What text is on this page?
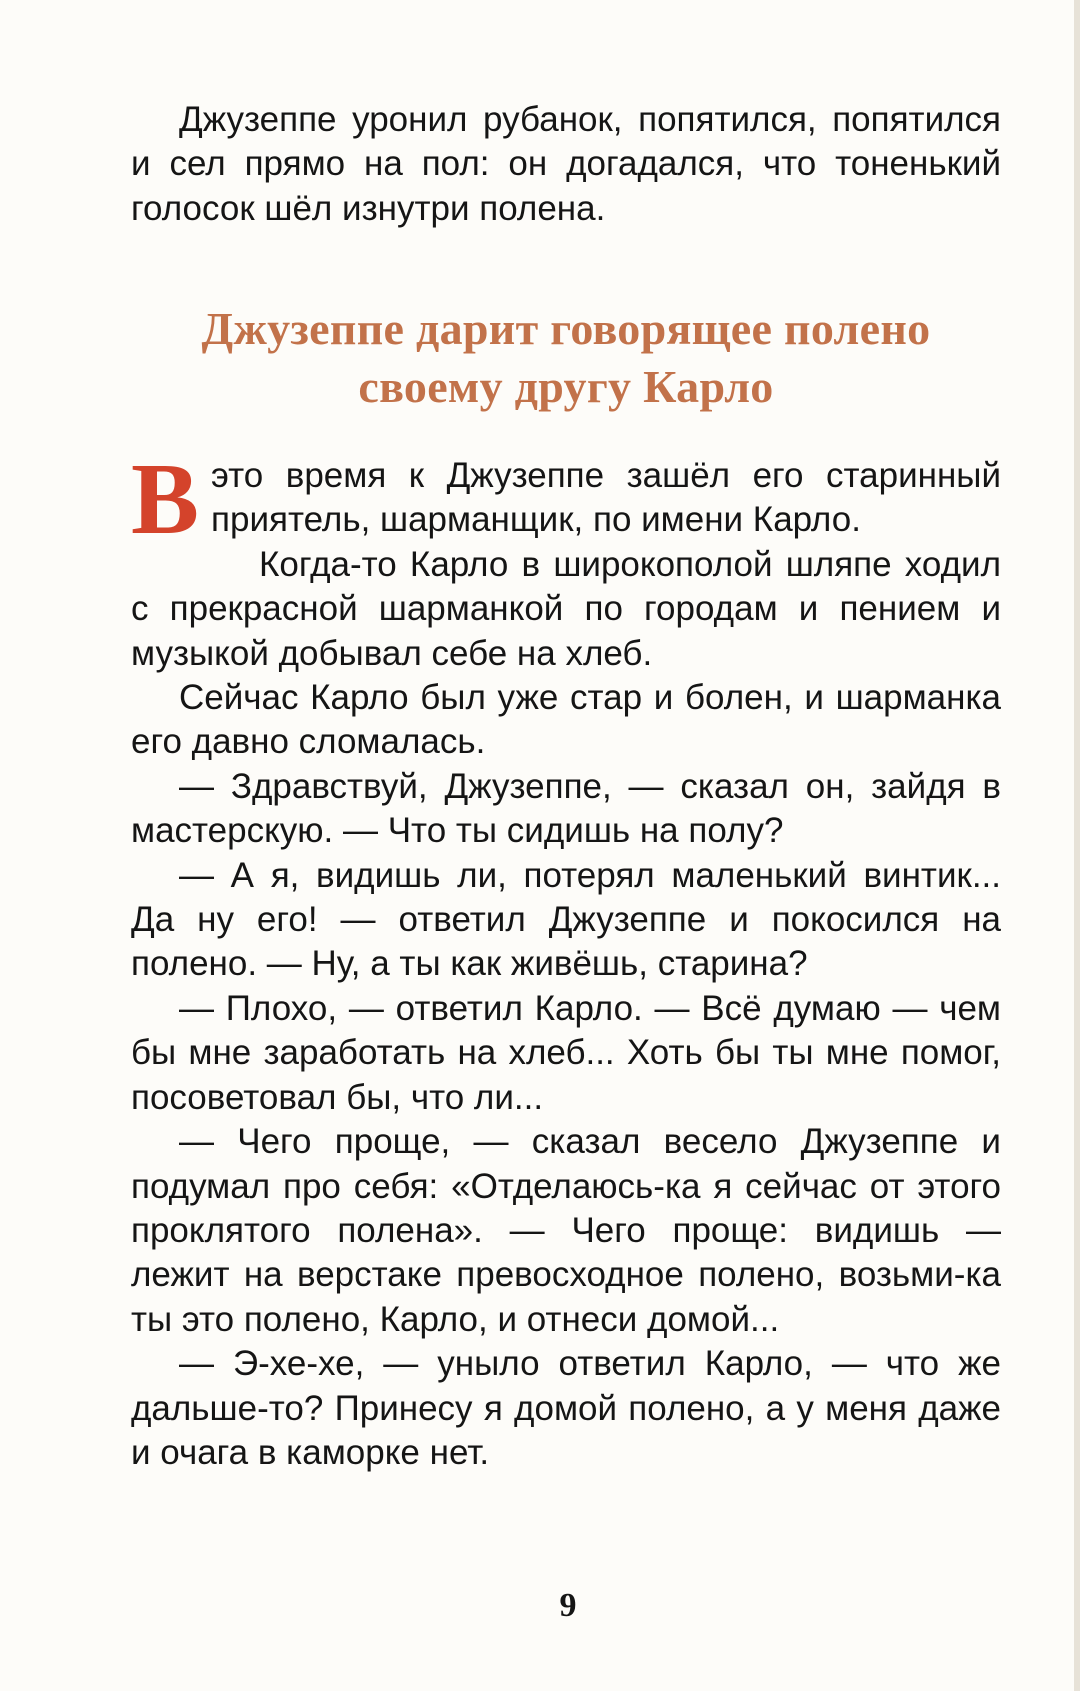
Джузеппе уронил рубанок, попятился, попятился и сел прямо на пол: он догадался, что тоненький голосок шёл изнутри полена.

Джузеппе дарит говорящее полено
своему другу Карло

Вэто время к Джузеппе зашёл его старинный приятель, шарманщик, по имени Карло.

Когда-то Карло в широкополой шляпе ходил с прекрасной шарманкой по городам и пением и музыкой добывал себе на хлеб.

Сейчас Карло был уже стар и болен, и шарманка его давно сломалась.

— Здравствуй, Джузеппе, — сказал он, зайдя в мастерскую. — Что ты сидишь на полу?

— А я, видишь ли, потерял маленький винтик... Да ну его! — ответил Джузеппе и покосился на полено. — Ну, а ты как живёшь, старина?

— Плохо, — ответил Карло. — Всё думаю — чем бы мне заработать на хлеб... Хоть бы ты мне помог, посоветовал бы, что ли...

— Чего проще, — сказал весело Джузеппе и подумал про себя: «Отделаюсь-ка я сейчас от этого проклятого полена». — Чего проще: видишь — лежит на верстаке превосходное полено, возьми-ка ты это полено, Карло, и отнеси домой...

— Э-хе-хе, — уныло ответил Карло, — что же дальше-то? Принесу я домой полено, а у меня даже и очага в каморке нет.

9
